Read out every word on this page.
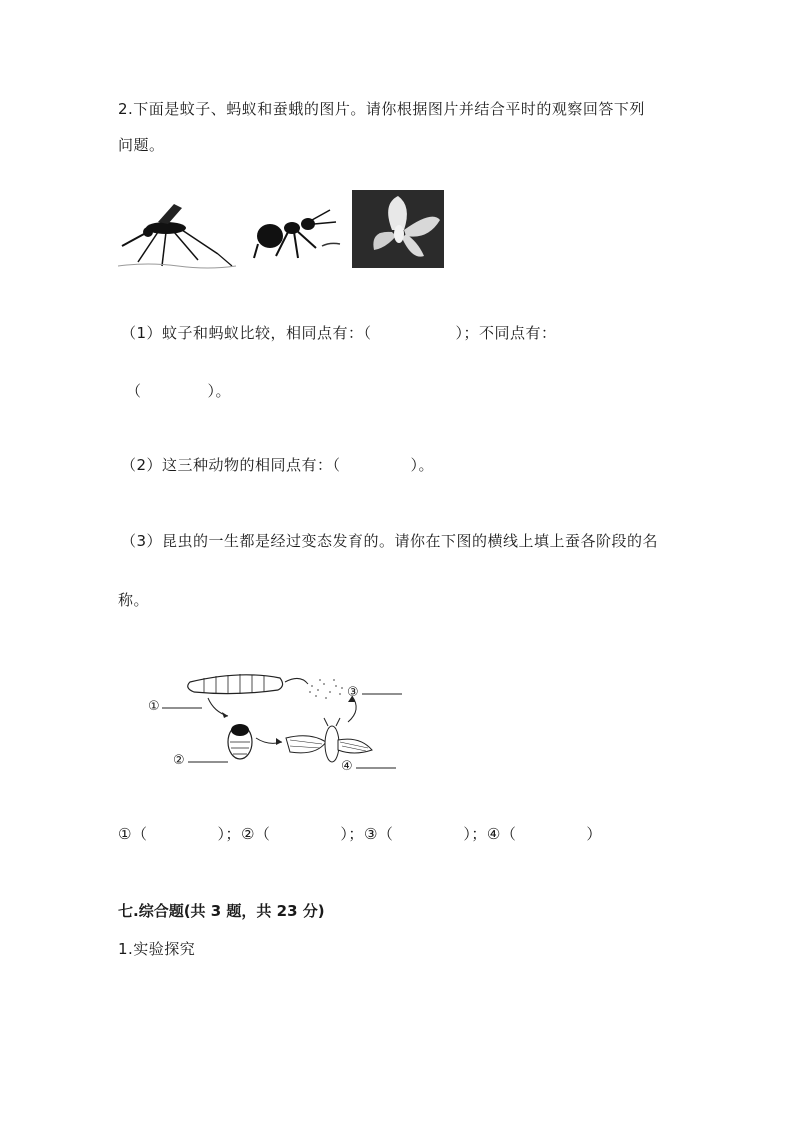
2.下面是蚊子、蚂蚁和蚕蛾的图片。请你根据图片并结合平时的观察回答下列
问题。
（1）蚊子和蚂蚁比较，相同点有：（	）；不同点有：
（	）。
（2）这三种动物的相同点有：（	）。
（3）昆虫的一生都是经过变态发育的。请你在下图的横线上填上蚕各阶段的名
称。
①
②
③
④
①（	）；②（	）；③（	）；④（	）
七.综合题(共 3 题，共 23 分)
1.实验探究
